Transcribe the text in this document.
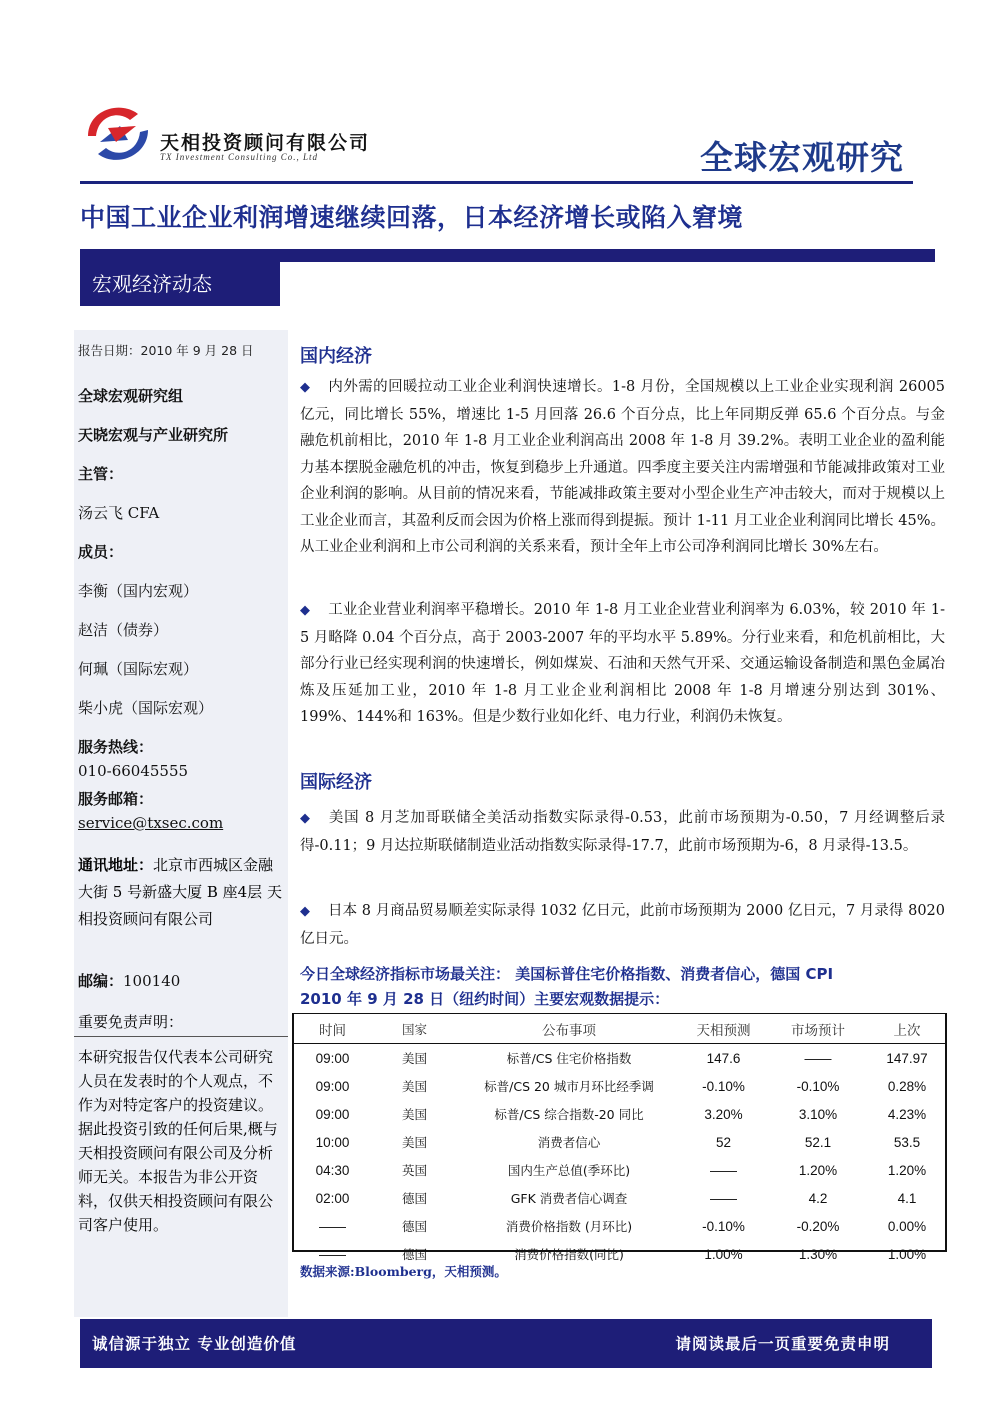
天相投资顾问有限公司
TX Investment Consulting Co., Ltd	全球宏观研究
中国工业企业利润增速继续回落，日本经济增长或陷入窘境
宏观经济动态
报告日期：2010 年 9 月 28 日
全球宏观研究组
天晓宏观与产业研究所
主管：
汤云飞 CFA
成员：
李衡（国内宏观）
赵洁（债券）
何珮（国际宏观）
柴小虎（国际宏观）
服务热线：
010-66045555
服务邮箱：
service@txsec.com
通讯地址：北京市西城区金融大街 5 号新盛大厦 B 座4层 天相投资顾问有限公司
邮编：100140
重要免责声明：
本研究报告仅代表本公司研究人员在发表时的个人观点，不作为对特定客户的投资建议。 据此投资引致的任何后果,概与天相投资顾问有限公司及分析师无关。本报告为非公开资料，仅供天相投资顾问有限公司客户使用。
国内经济
◆ 内外需的回暖拉动工业企业利润快速增长。1-8 月份，全国规模以上工业企业实现利润 26005 亿元，同比增长 55%，增速比 1-5 月回落 26.6 个百分点，比上年同期反弹 65.6 个百分点。与金融危机前相比，2010 年 1-8 月工业企业利润高出 2008 年 1-8 月 39.2%。表明工业企业的盈利能力基本摆脱金融危机的冲击，恢复到稳步上升通道。四季度主要关注内需增强和节能减排政策对工业企业利润的影响。从目前的情况来看，节能减排政策主要对小型企业生产冲击较大，而对于规模以上工业企业而言，其盈利反而会因为价格上涨而得到提振。预计 1-11 月工业企业利润同比增长 45%。从工业企业利润和上市公司利润的关系来看，预计全年上市公司净利润同比增长 30%左右。
◆ 工业企业营业利润率平稳增长。2010 年 1-8 月工业企业营业利润率为 6.03%，较 2010 年 1-5 月略降 0.04 个百分点，高于 2003-2007 年的平均水平 5.89%。分行业来看，和危机前相比，大部分行业已经实现利润的快速增长，例如煤炭、石油和天然气开采、交通运输设备制造和黑色金属冶炼及压延加工业，2010 年 1-8 月工业企业利润相比 2008 年 1-8 月增速分别达到 301%、199%、144%和 163%。但是少数行业如化纤、电力行业，利润仍未恢复。
国际经济
◆ 美国 8 月芝加哥联储全美活动指数实际录得-0.53，此前市场预期为-0.50，7 月经调整后录得-0.11；9 月达拉斯联储制造业活动指数实际录得-17.7，此前市场预期为-6，8 月录得-13.5。
◆ 日本 8 月商品贸易顺差实际录得 1032 亿日元，此前市场预期为 2000 亿日元，7 月录得 8020 亿日元。
今日全球经济指标市场最关注： 美国标普住宅价格指数、消费者信心，德国 CPI
2010 年 9 月 28 日（纽约时间）主要宏观数据提示：
时间	国家	公布事项	天相预测	市场预计	上次
09:00	美国	标普/CS 住宅价格指数	147.6	——	147.97
09:00	美国	标普/CS 20 城市月环比经季调	-0.10%	-0.10%	0.28%
09:00	美国	标普/CS 综合指数-20 同比	3.20%	3.10%	4.23%
10:00	美国	消费者信心	52	52.1	53.5
04:30	英国	国内生产总值(季环比)	——	1.20%	1.20%
02:00	德国	GFK 消费者信心调查	——	4.2	4.1
——	德国	消费价格指数 (月环比)	-0.10%	-0.20%	0.00%
——	德国	消费价格指数(同比)	1.00%	1.30%	1.00%
数据来源:Bloomberg，天相预测。
诚信源于独立 专业创造价值	请阅读最后一页重要免责申明
